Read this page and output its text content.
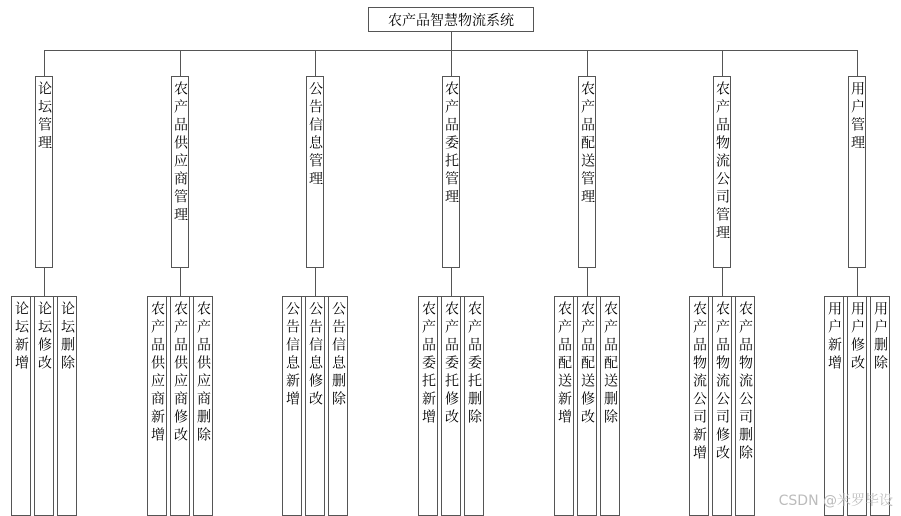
农产品智慧物流系统
论坛管理
论坛新增 论坛修改 论坛删除
农产品供应商管理
农产品供应商新增 农产品供应商修改 农产品供应商删除
公告信息管理
公告信息新增 公告信息修改 公告信息删除
农产品委托管理
农产品委托新增 农产品委托修改 农产品委托删除
农产品配送管理
农产品配送新增 农产品配送修改 农产品配送删除
农产品物流公司管理
农产品物流公司新增 农产品物流公司修改 农产品物流公司删除
用户管理
用户新增 用户修改 用户删除
CSDN @米罗毕设
